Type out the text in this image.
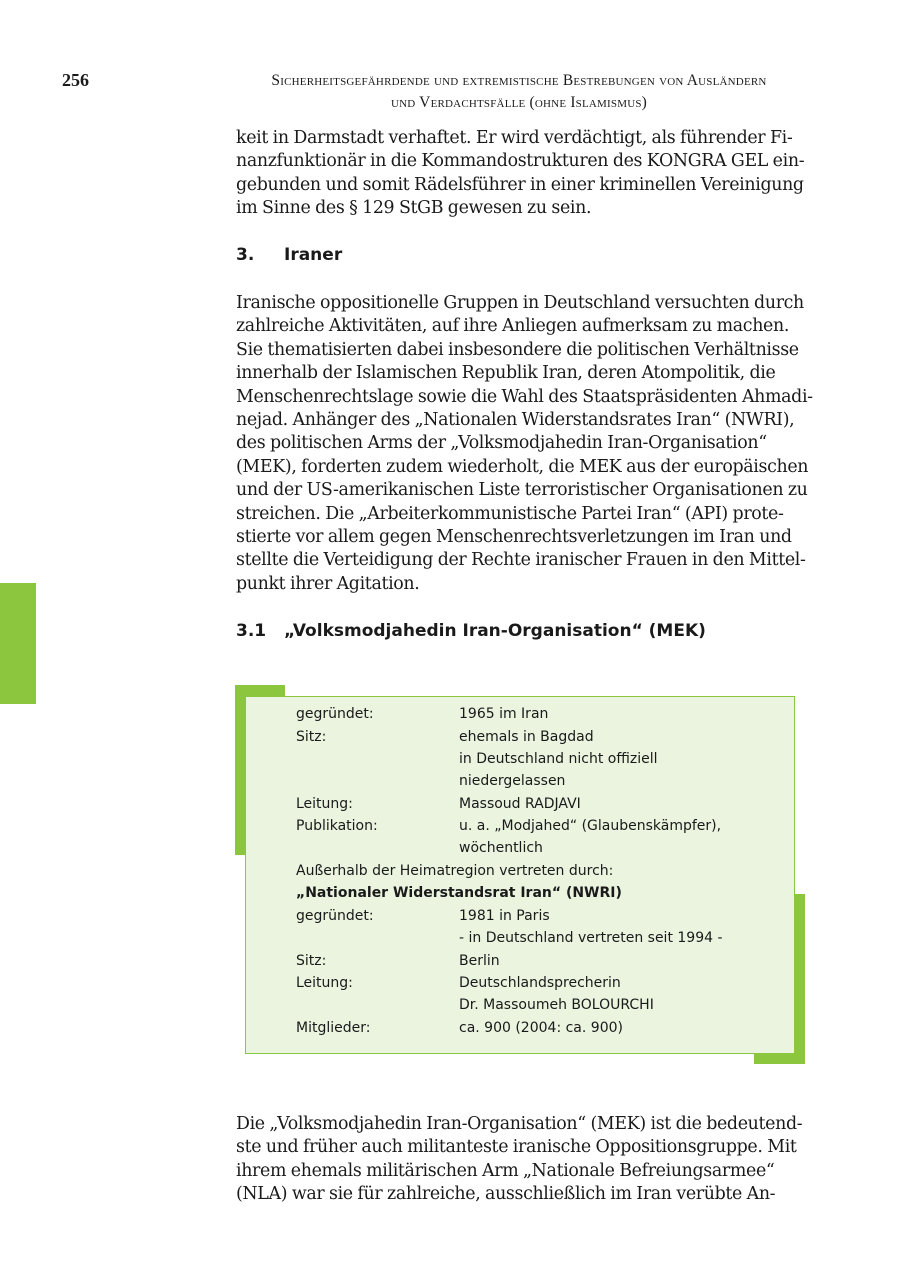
256	Sicherheitsgefährdende und extremistische Bestrebungen von Ausländern
und Verdachtsfälle (ohne Islamismus)

keit in Darmstadt verhaftet. Er wird verdächtigt, als führender Fi-
nanzfunktionär in die Kommandostrukturen des KONGRA GEL ein-
gebunden und somit Rädelsführer in einer kriminellen Vereinigung
im Sinne des § 129 StGB gewesen zu sein.

3. Iraner

Iranische oppositionelle Gruppen in Deutschland versuchten durch
zahlreiche Aktivitäten, auf ihre Anliegen aufmerksam zu machen.
Sie thematisierten dabei insbesondere die politischen Verhältnisse
innerhalb der Islamischen Republik Iran, deren Atompolitik, die
Menschenrechtslage sowie die Wahl des Staatspräsidenten Ahmadi-
nejad. Anhänger des „Nationalen Widerstandsrates Iran“ (NWRI),
des politischen Arms der „Volksmodjahedin Iran-Organisation“
(MEK), forderten zudem wiederholt, die MEK aus der europäischen
und der US-amerikanischen Liste terroristischer Organisationen zu
streichen. Die „Arbeiterkommunistische Partei Iran“ (API) prote-
stierte vor allem gegen Menschenrechtsverletzungen im Iran und
stellte die Verteidigung der Rechte iranischer Frauen in den Mittel-
punkt ihrer Agitation.

3.1 „Volksmodjahedin Iran-Organisation“ (MEK)
gegründet:	1965 im Iran
Sitz:	ehemals in Bagdad
in Deutschland nicht offiziell
niedergelassen
Leitung:	Massoud RADJAVI
Publikation:	u. a. „Modjahed“ (Glaubenskämpfer),
wöchentlich
Außerhalb der Heimatregion vertreten durch:
„Nationaler Widerstandsrat Iran“ (NWRI)
gegründet:	1981 in Paris
- in Deutschland vertreten seit 1994 -
Sitz:	Berlin
Leitung:	Deutschlandsprecherin
Dr. Massoumeh BOLOURCHI
Mitglieder:	ca. 900 (2004: ca. 900)

Die „Volksmodjahedin Iran-Organisation“ (MEK) ist die bedeutend-
ste und früher auch militanteste iranische Oppositionsgruppe. Mit
ihrem ehemals militärischen Arm „Nationale Befreiungsarmee“
(NLA) war sie für zahlreiche, ausschließlich im Iran verübte An-
